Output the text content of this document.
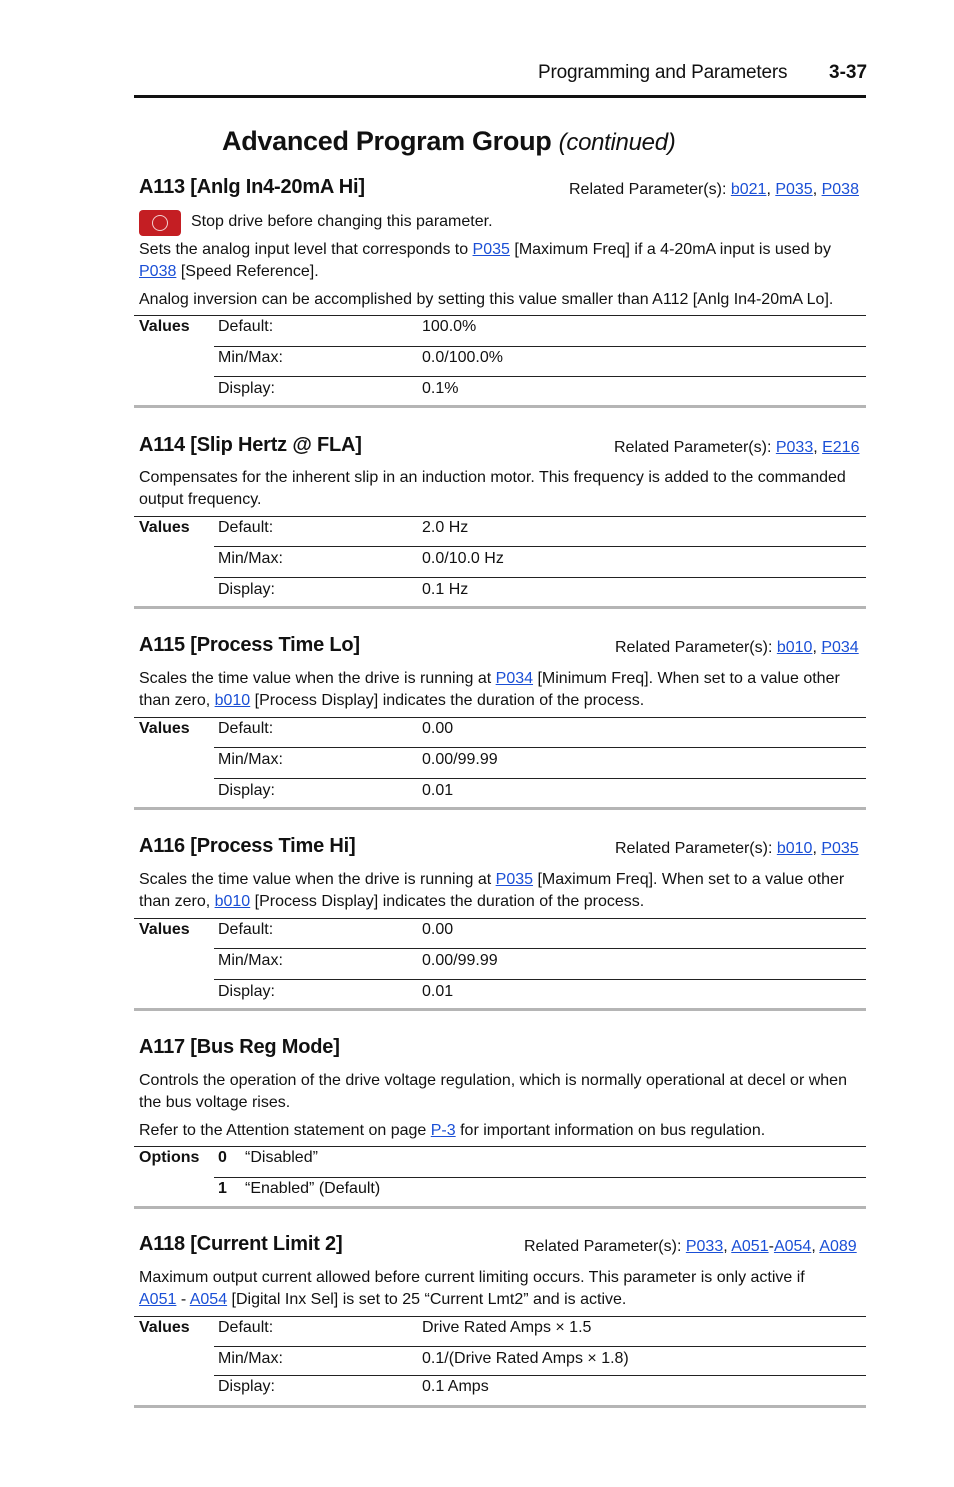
Programming and Parameters 3-37
Advanced Program Group (continued)
A113 [Anlg In4-20mA Hi]	Related Parameter(s): b021, P035, P038
Stop drive before changing this parameter.
Sets the analog input level that corresponds to P035 [Maximum Freq] if a 4-20mA input is used by
P038 [Speed Reference].
Analog inversion can be accomplished by setting this value smaller than A112 [Anlg In4-20mA Lo].
Values Default:	100.0%
Min/Max:	0.0/100.0%
Display:	0.1%
A114 [Slip Hertz @ FLA]	Related Parameter(s): P033, E216
Compensates for the inherent slip in an induction motor. This frequency is added to the commanded
output frequency.
Values Default:	2.0 Hz
Min/Max:	0.0/10.0 Hz
Display:	0.1 Hz
A115 [Process Time Lo]	Related Parameter(s): b010, P034
Scales the time value when the drive is running at P034 [Minimum Freq]. When set to a value other
than zero, b010 [Process Display] indicates the duration of the process.
Values Default:	0.00
Min/Max:	0.00/99.99
Display:	0.01
A116 [Process Time Hi]	Related Parameter(s): b010, P035
Scales the time value when the drive is running at P035 [Maximum Freq]. When set to a value other
than zero, b010 [Process Display] indicates the duration of the process.
Values Default:	0.00
Min/Max:	0.00/99.99
Display:	0.01
A117 [Bus Reg Mode]
Controls the operation of the drive voltage regulation, which is normally operational at decel or when
the bus voltage rises.
Refer to the Attention statement on page P-3 for important information on bus regulation.
Options 0 “Disabled”
1 “Enabled” (Default)
A118 [Current Limit 2]	Related Parameter(s): P033, A051-A054, A089
Maximum output current allowed before current limiting occurs. This parameter is only active if
A051 - A054 [Digital Inx Sel] is set to 25 “Current Lmt2” and is active.
Values Default:	Drive Rated Amps × 1.5
Min/Max:	0.1/(Drive Rated Amps × 1.8)
Display:	0.1 Amps
